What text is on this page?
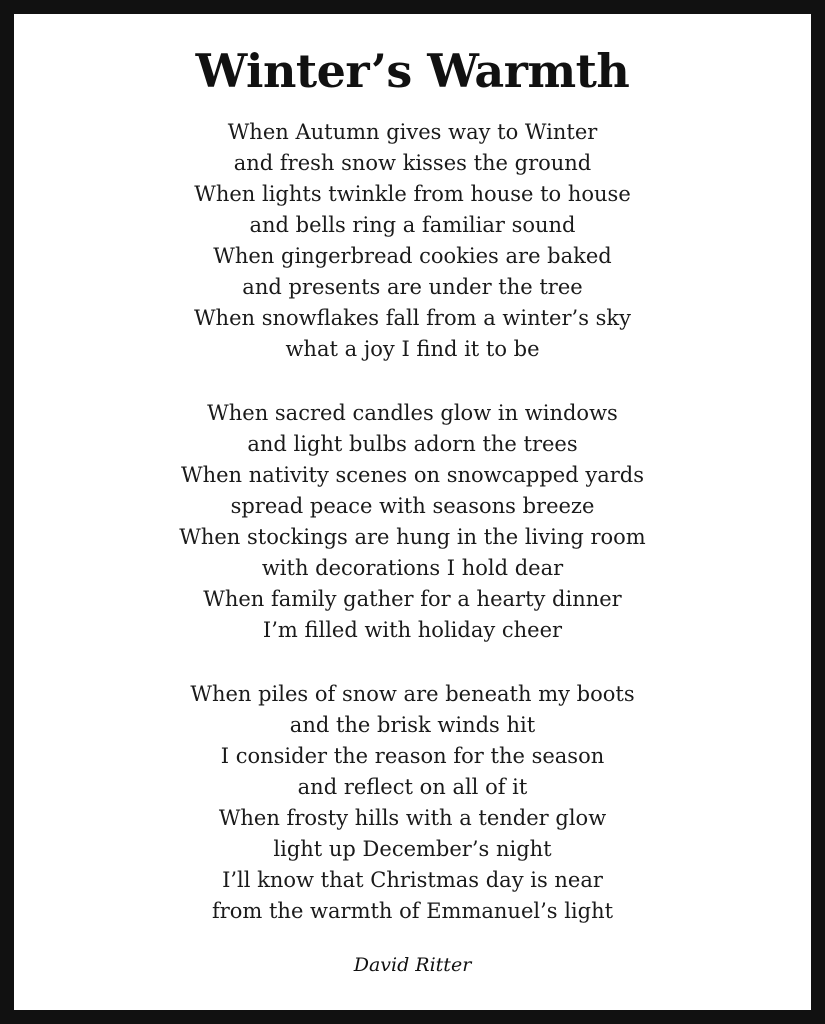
Winter’s Warmth
When Autumn gives way to Winter
and fresh snow kisses the ground
When lights twinkle from house to house
and bells ring a familiar sound
When gingerbread cookies are baked
and presents are under the tree
When snowflakes fall from a winter’s sky
what a joy I find it to be
When sacred candles glow in windows
and light bulbs adorn the trees
When nativity scenes on snowcapped yards
spread peace with seasons breeze
When stockings are hung in the living room
with decorations I hold dear
When family gather for a hearty dinner
I’m filled with holiday cheer
When piles of snow are beneath my boots
and the brisk winds hit
I consider the reason for the season
and reflect on all of it
When frosty hills with a tender glow
light up December’s night
I’ll know that Christmas day is near
from the warmth of Emmanuel’s light
David Ritter
